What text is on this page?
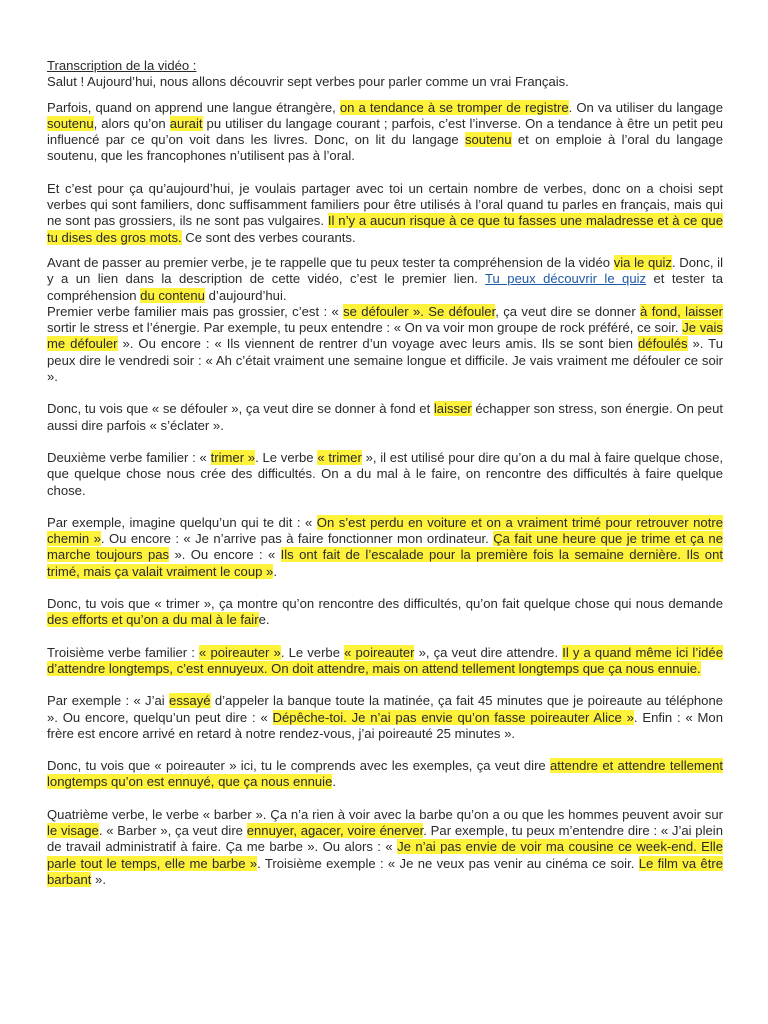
Transcription de la vidéo :

Salut ! Aujourd’hui, nous allons découvrir sept verbes pour parler comme un vrai Français.

Parfois, quand on apprend une langue étrangère, on a tendance à se tromper de registre. On va utiliser du langage soutenu, alors qu’on aurait pu utiliser du langage courant ; parfois, c’est l’inverse. On a tendance à être un petit peu influencé par ce qu’on voit dans les livres. Donc, on lit du langage soutenu et on emploie à l’oral du langage soutenu, que les francophones n’utilisent pas à l’oral.

Et c’est pour ça qu’aujourd’hui, je voulais partager avec toi un certain nombre de verbes, donc on a choisi sept verbes qui sont familiers, donc suffisamment familiers pour être utilisés à l’oral quand tu parles en français, mais qui ne sont pas grossiers, ils ne sont pas vulgaires. Il n’y a aucun risque à ce que tu fasses une maladresse et à ce que tu dises des gros mots. Ce sont des verbes courants.

Avant de passer au premier verbe, je te rappelle que tu peux tester ta compréhension de la vidéo via le quiz. Donc, il y a un lien dans la description de cette vidéo, c’est le premier lien. Tu peux découvrir le quiz et tester ta compréhension du contenu d’aujourd’hui.

Premier verbe familier mais pas grossier, c’est : « se défouler ». Se défouler, ça veut dire se donner à fond, laisser sortir le stress et l’énergie. Par exemple, tu peux entendre : « On va voir mon groupe de rock préféré, ce soir. Je vais me défouler ». Ou encore : « Ils viennent de rentrer d’un voyage avec leurs amis. Ils se sont bien défoulés ». Tu peux dire le vendredi soir : « Ah c’était vraiment une semaine longue et difficile. Je vais vraiment me défouler ce soir ».

Donc, tu vois que « se défouler », ça veut dire se donner à fond et laisser échapper son stress, son énergie. On peut aussi dire parfois « s’éclater ».

Deuxième verbe familier : « trimer ». Le verbe « trimer », il est utilisé pour dire qu’on a du mal à faire quelque chose, que quelque chose nous crée des difficultés. On a du mal à le faire, on rencontre des difficultés à faire quelque chose.

Par exemple, imagine quelqu’un qui te dit : « On s’est perdu en voiture et on a vraiment trimé pour retrouver notre chemin ». Ou encore : « Je n’arrive pas à faire fonctionner mon ordinateur. Ça fait une heure que je trime et ça ne marche toujours pas ». Ou encore : « Ils ont fait de l’escalade pour la première fois la semaine dernière. Ils ont trimé, mais ça valait vraiment le coup ».

Donc, tu vois que « trimer », ça montre qu’on rencontre des difficultés, qu’on fait quelque chose qui nous demande des efforts et qu’on a du mal à le faire.

Troisième verbe familier : « poireauter ». Le verbe « poireauter », ça veut dire attendre. Il y a quand même ici l’idée d’attendre longtemps, c’est ennuyeux. On doit attendre, mais on attend tellement longtemps que ça nous ennuie.

Par exemple : « J’ai essayé d’appeler la banque toute la matinée, ça fait 45 minutes que je poireaute au téléphone ». Ou encore, quelqu’un peut dire : « Dépêche-toi. Je n’ai pas envie qu’on fasse poireauter Alice ». Enfin : « Mon frère est encore arrivé en retard à notre rendez-vous, j’ai poireauté 25 minutes ».

Donc, tu vois que « poireauter » ici, tu le comprends avec les exemples, ça veut dire attendre et attendre tellement longtemps qu’on est ennuyé, que ça nous ennuie.

Quatrième verbe, le verbe « barber ». Ça n’a rien à voir avec la barbe qu’on a ou que les hommes peuvent avoir sur le visage. « Barber », ça veut dire ennuyer, agacer, voire énerver. Par exemple, tu peux m’entendre dire : « J’ai plein de travail administratif à faire. Ça me barbe ». Ou alors : « Je n’ai pas envie de voir ma cousine ce week-end. Elle parle tout le temps, elle me barbe ». Troisième exemple : « Je ne veux pas venir au cinéma ce soir. Le film va être barbant ».
